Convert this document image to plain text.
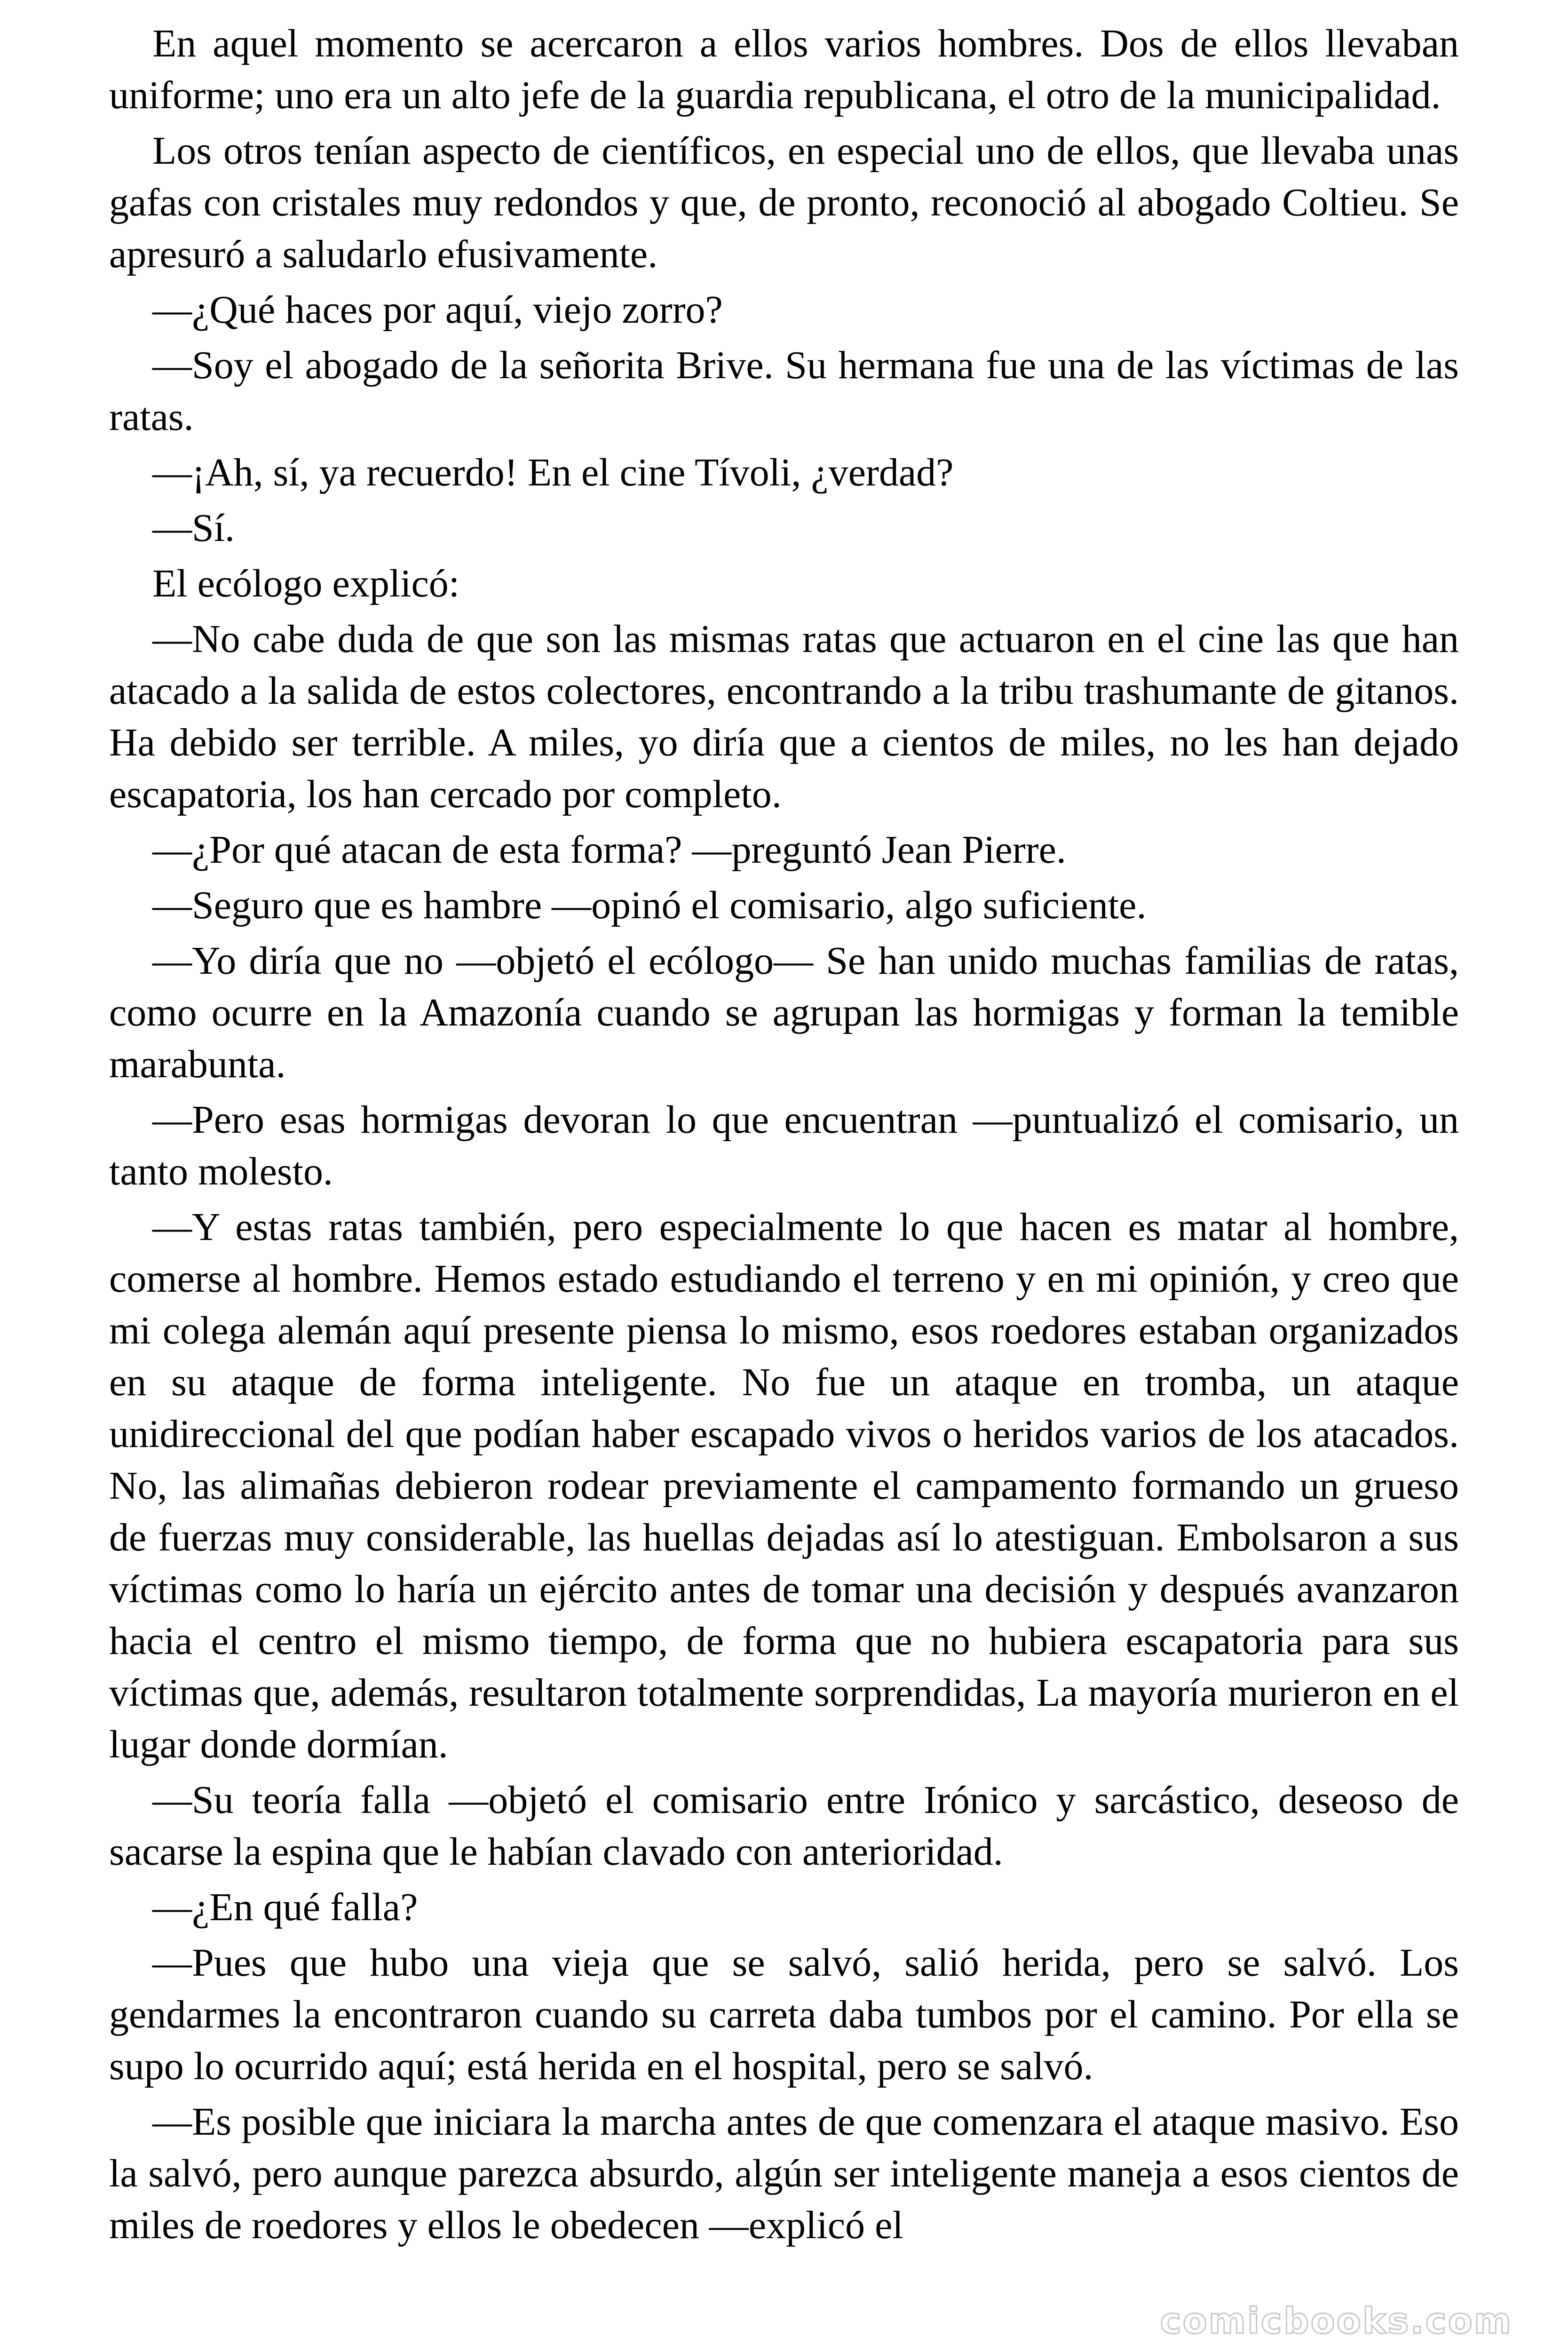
En aquel momento se acercaron a ellos varios hombres. Dos de ellos llevaban uniforme; uno era un alto jefe de la guardia republicana, el otro de la municipalidad.

Los otros tenían aspecto de científicos, en especial uno de ellos, que llevaba unas gafas con cristales muy redondos y que, de pronto, reconoció al abogado Coltieu. Se apresuró a saludarlo efusivamente.

—¿Qué haces por aquí, viejo zorro?

—Soy el abogado de la señorita Brive. Su hermana fue una de las víctimas de las ratas.

—¡Ah, sí, ya recuerdo! En el cine Tívoli, ¿verdad?

—Sí.

El ecólogo explicó:

—No cabe duda de que son las mismas ratas que actuaron en el cine las que han atacado a la salida de estos colectores, encontrando a la tribu trashumante de gitanos. Ha debido ser terrible. A miles, yo diría que a cientos de miles, no les han dejado escapatoria, los han cercado por completo.

—¿Por qué atacan de esta forma? —preguntó Jean Pierre.

—Seguro que es hambre —opinó el comisario, algo suficiente.

—Yo diría que no —objetó el ecólogo— Se han unido muchas familias de ratas, como ocurre en la Amazonía cuando se agrupan las hormigas y forman la temible marabunta.

—Pero esas hormigas devoran lo que encuentran —puntualizó el comisario, un tanto molesto.

—Y estas ratas también, pero especialmente lo que hacen es matar al hombre, comerse al hombre. Hemos estado estudiando el terreno y en mi opinión, y creo que mi colega alemán aquí presente piensa lo mismo, esos roedores estaban organizados en su ataque de forma inteligente. No fue un ataque en tromba, un ataque unidireccional del que podían haber escapado vivos o heridos varios de los atacados. No, las alimañas debieron rodear previamente el campamento formando un grueso de fuerzas muy considerable, las huellas dejadas así lo atestiguan. Embolsaron a sus víctimas como lo haría un ejército antes de tomar una decisión y después avanzaron hacia el centro el mismo tiempo, de forma que no hubiera escapatoria para sus víctimas que, además, resultaron totalmente sorprendidas, La mayoría murieron en el lugar donde dormían.

—Su teoría falla —objetó el comisario entre Irónico y sarcástico, deseoso de sacarse la espina que le habían clavado con anterioridad.

—¿En qué falla?

—Pues que hubo una vieja que se salvó, salió herida, pero se salvó. Los gendarmes la encontraron cuando su carreta daba tumbos por el camino. Por ella se supo lo ocurrido aquí; está herida en el hospital, pero se salvó.

—Es posible que iniciara la marcha antes de que comenzara el ataque masivo. Eso la salvó, pero aunque parezca absurdo, algún ser inteligente maneja a esos cientos de miles de roedores y ellos le obedecen —explicó el

comicbooks.com
